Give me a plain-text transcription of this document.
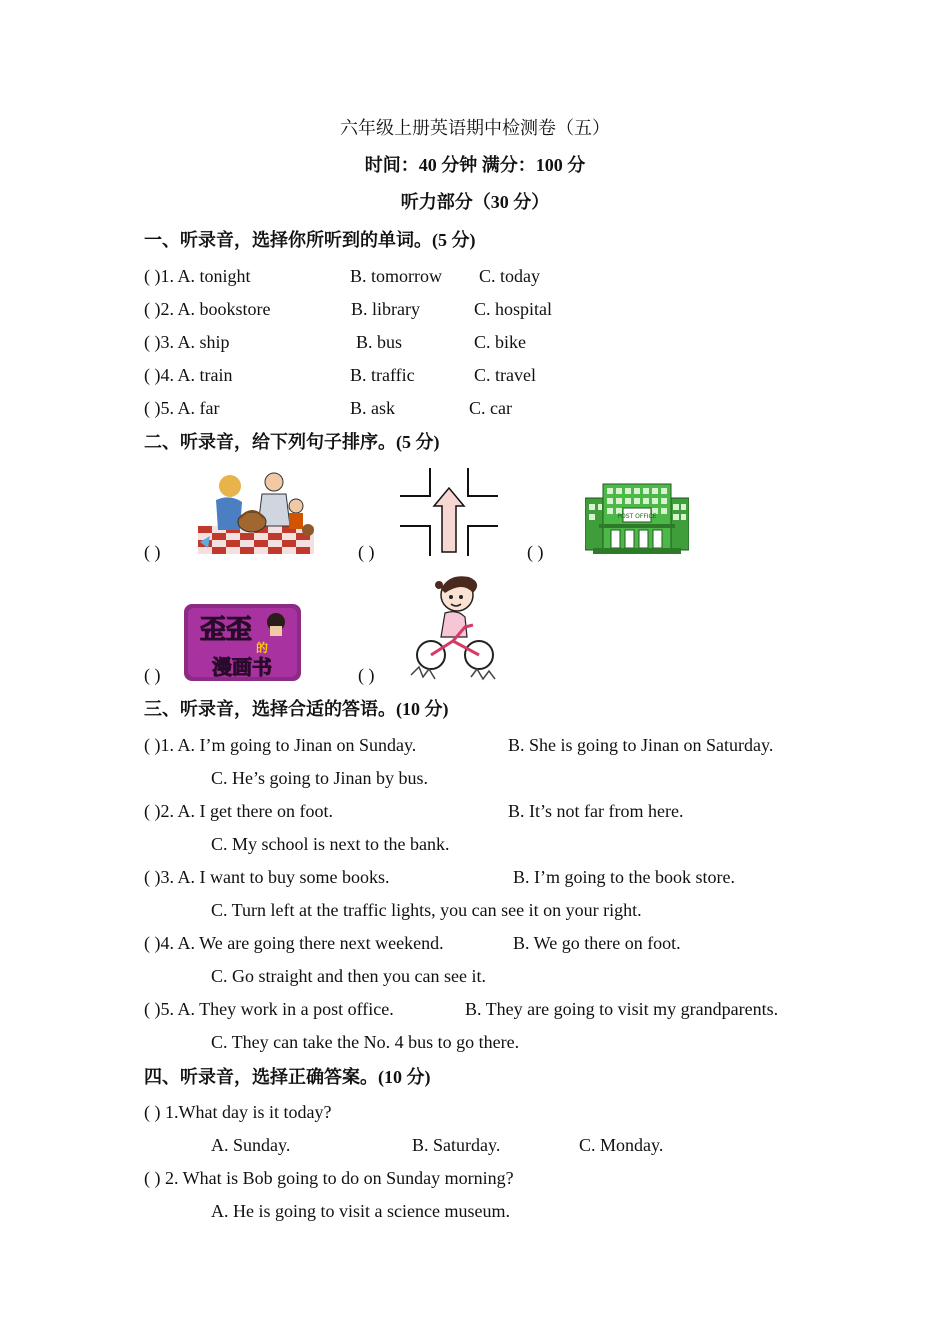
六年级上册英语期中检测卷（五）
时间：40 分钟 满分：100 分
听力部分（30 分）
一、听录音，选择你所听到的单词。(5 分)
( )1. A. tonight	B. tomorrow C. today
( )2. A. bookstore	B. library	C. hospital
( )3. A. ship	B. bus	C. bike
( )4. A. train	B. traffic	C. travel
( )5. A. far	B. ask	C. car
二、听录音，给下列句子排序。(5 分)
( )	( )	( )
POST OFFICE
( )
歪歪
的
漫画书	( )
三、听录音，选择合适的答语。(10 分)
( )1. A. I’m going to Jinan on Sunday.	B. She is going to Jinan on Saturday.
C. He’s going to Jinan by bus.
( )2. A. I get there on foot.	B. It’s not far from here.
C. My school is next to the bank.
( )3. A. I want to buy some books.	B. I’m going to the book store.
C. Turn left at the traffic lights, you can see it on your right.
( )4. A. We are going there next weekend.	B. We go there on foot.
C. Go straight and then you can see it.
( )5. A. They work in a post office.	B. They are going to visit my grandparents.
C. They can take the No. 4 bus to go there.
四、听录音，选择正确答案。(10 分)
( ) 1.What day is it today?
A. Sunday.	B. Saturday.	C. Monday.
( ) 2. What is Bob going to do on Sunday morning?
A. He is going to visit a science museum.
